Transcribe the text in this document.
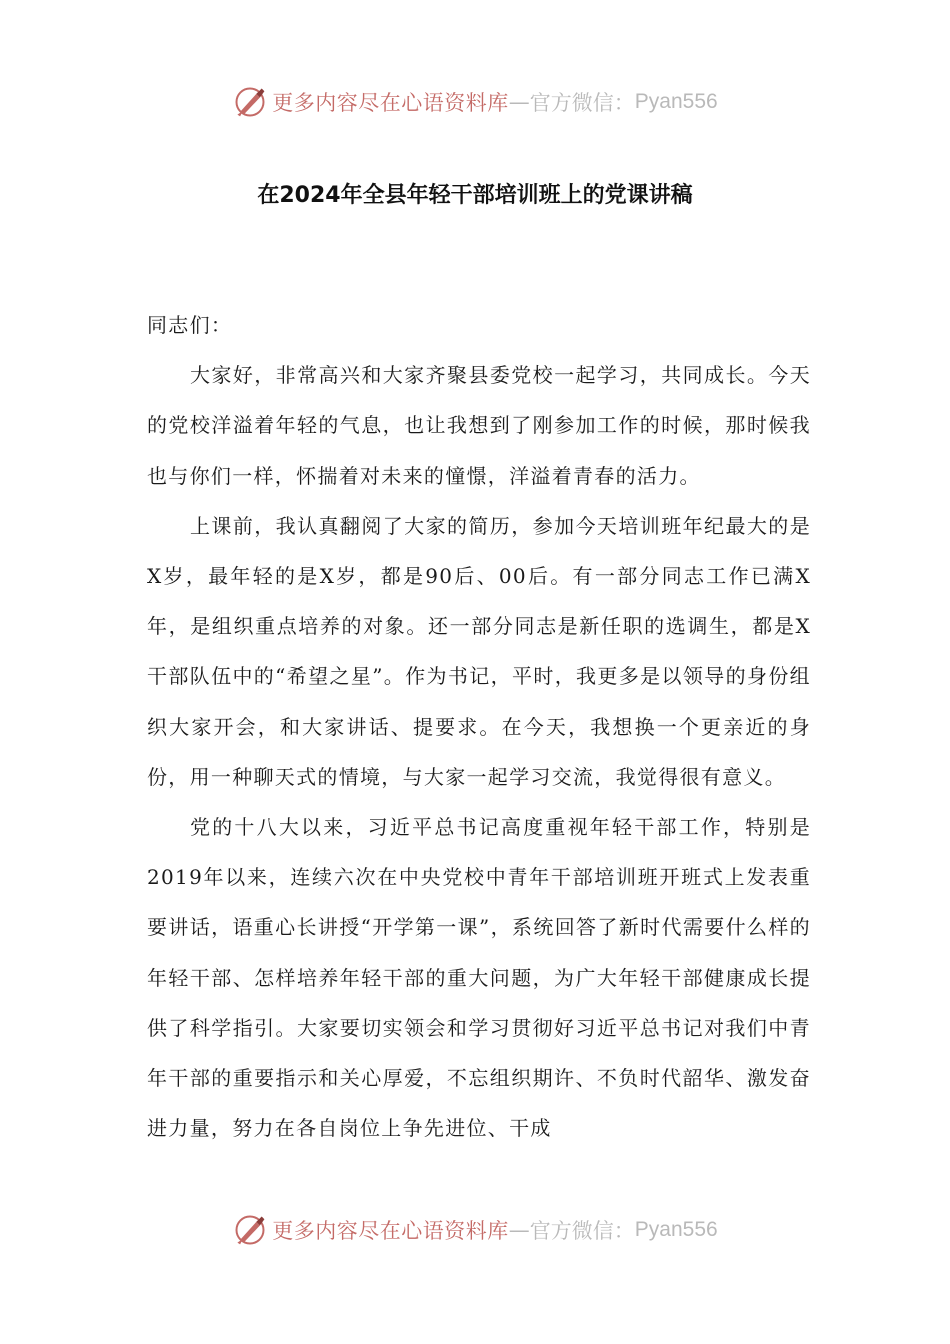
更多内容尽在心语资料库 — 官方微信： Pyan556
在2024年全县年轻干部培训班上的党课讲稿

同志们：

大家好，非常高兴和大家齐聚县委党校一起学习，共同成长。今天的党校洋溢着年轻的气息，也让我想到了刚参加工作的时候，那时候我也与你们一样，怀揣着对未来的憧憬，洋溢着青春的活力。

上课前，我认真翻阅了大家的简历，参加今天培训班年纪最大的是X岁，最年轻的是X岁，都是90后、00后。有一部分同志工作已满X年，是组织重点培养的对象。还一部分同志是新任职的选调生，都是X干部队伍中的“希望之星”。作为书记，平时，我更多是以领导的身份组织大家开会，和大家讲话、提要求。在今天，我想换一个更亲近的身份，用一种聊天式的情境，与大家一起学习交流，我觉得很有意义。

党的十八大以来，习近平总书记高度重视年轻干部工作，特别是2019年以来，连续六次在中央党校中青年干部培训班开班式上发表重要讲话，语重心长讲授“开学第一课”，系统回答了新时代需要什么样的年轻干部、怎样培养年轻干部的重大问题，为广大年轻干部健康成长提供了科学指引。大家要切实领会和学习贯彻好习近平总书记对我们中青年干部的重要指示和关心厚爱，不忘组织期许、不负时代韶华、激发奋进力量，努力在各自岗位上争先进位、干成

更多内容尽在心语资料库 — 官方微信： Pyan556
